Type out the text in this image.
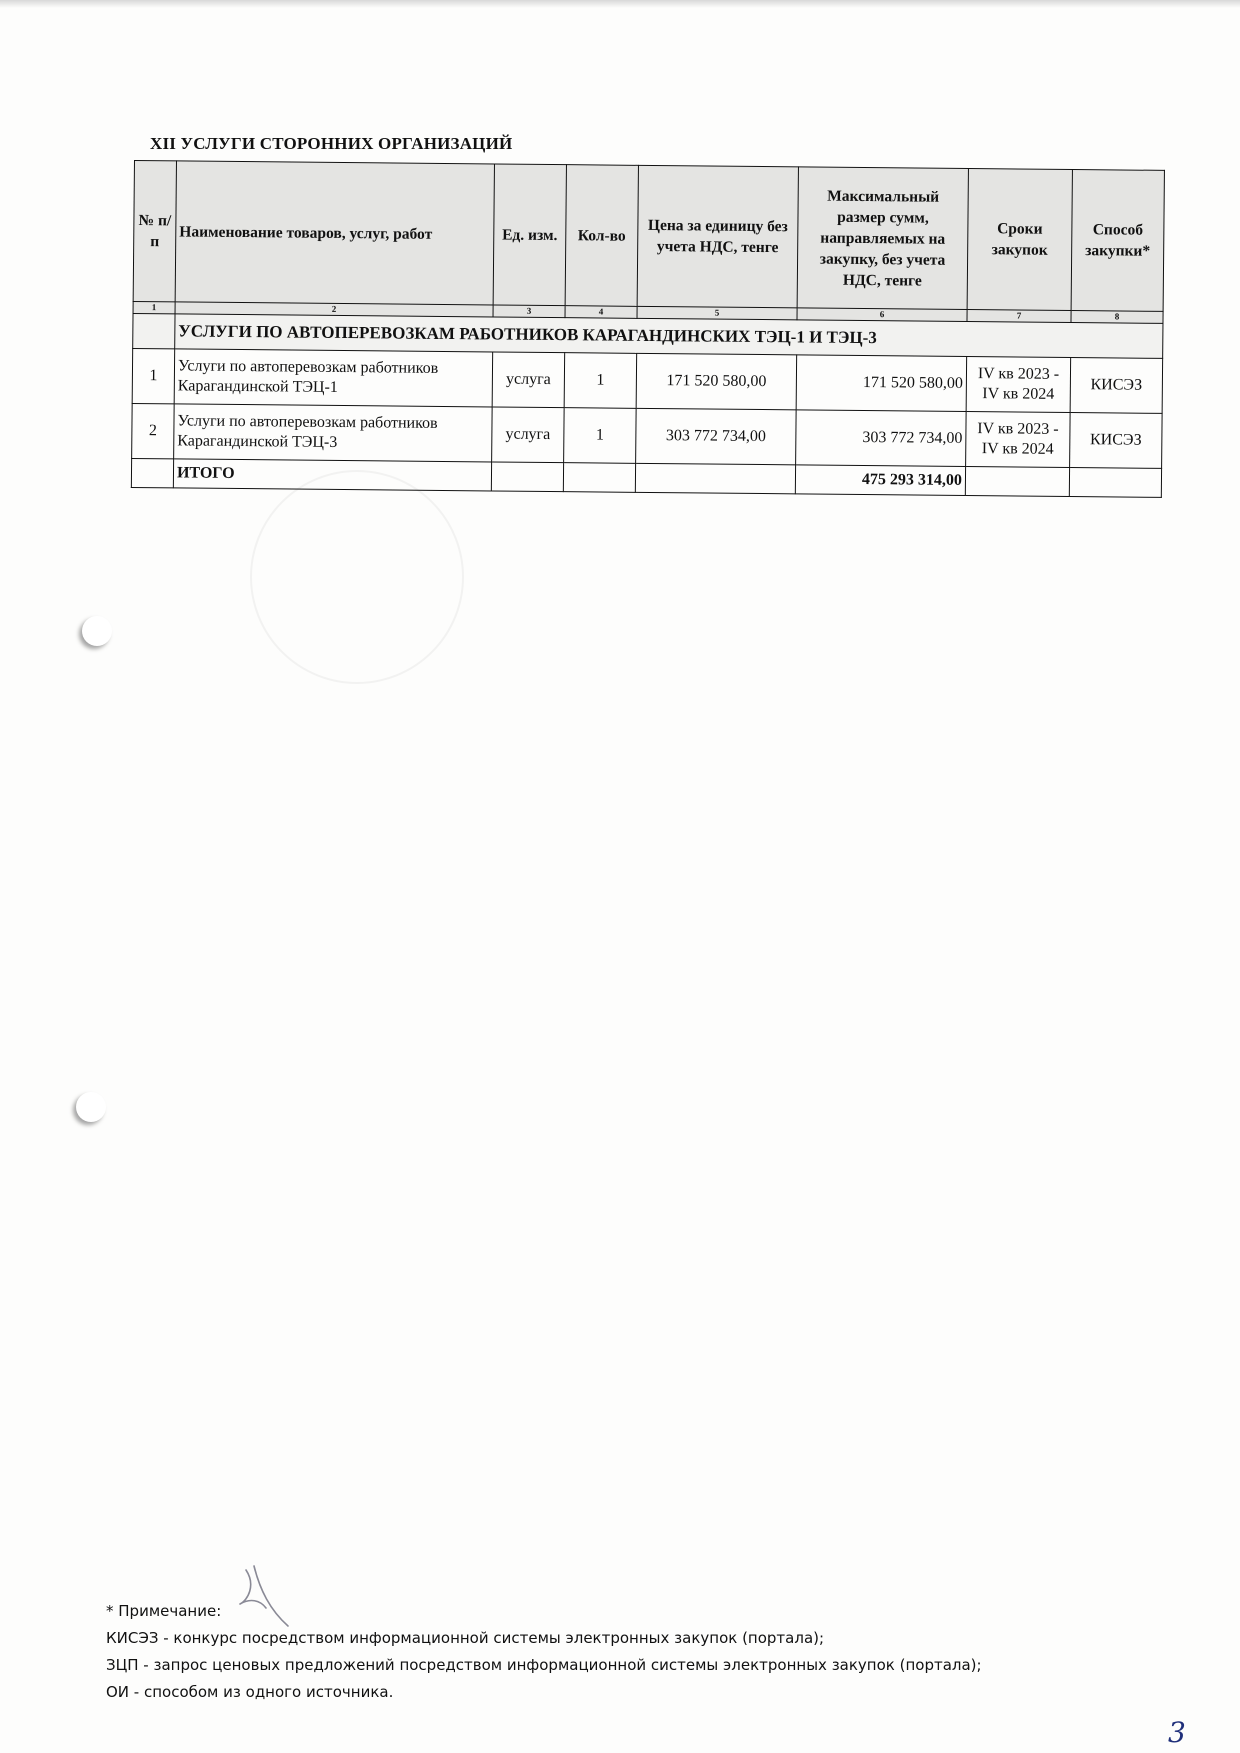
XII УСЛУГИ СТОРОННИХ ОРГАНИЗАЦИЙ
№ п/п	Наименование товаров, услуг, работ	Ед. изм.	Кол-во	Цена за единицу без учета НДС, тенге	Максимальный размер сумм, направляемых на закупку, без учета НДС, тенге	Сроки закупок	Способ закупки*
1	2	3	4	5	6	7	8
	УСЛУГИ ПО АВТОПЕРЕВОЗКАМ РАБОТНИКОВ КАРАГАНДИНСКИХ ТЭЦ-1 И ТЭЦ-3						
1	Услуги по автоперевозкам работников Карагандинской ТЭЦ-1	услуга	1	171 520 580,00	171 520 580,00	IV кв 2023 - IV кв 2024	КИСЭЗ
2	Услуги по автоперевозкам работников Карагандинской ТЭЦ-3	услуга	1	303 772 734,00	303 772 734,00	IV кв 2023 - IV кв 2024	КИСЭЗ
	ИТОГО				475 293 314,00		
* Примечание:
КИСЭЗ - конкурс посредством информационной системы электронных закупок (портала);
ЗЦП - запрос ценовых предложений посредством информационной системы электронных закупок (портала);
ОИ - способом из одного источника.
3
